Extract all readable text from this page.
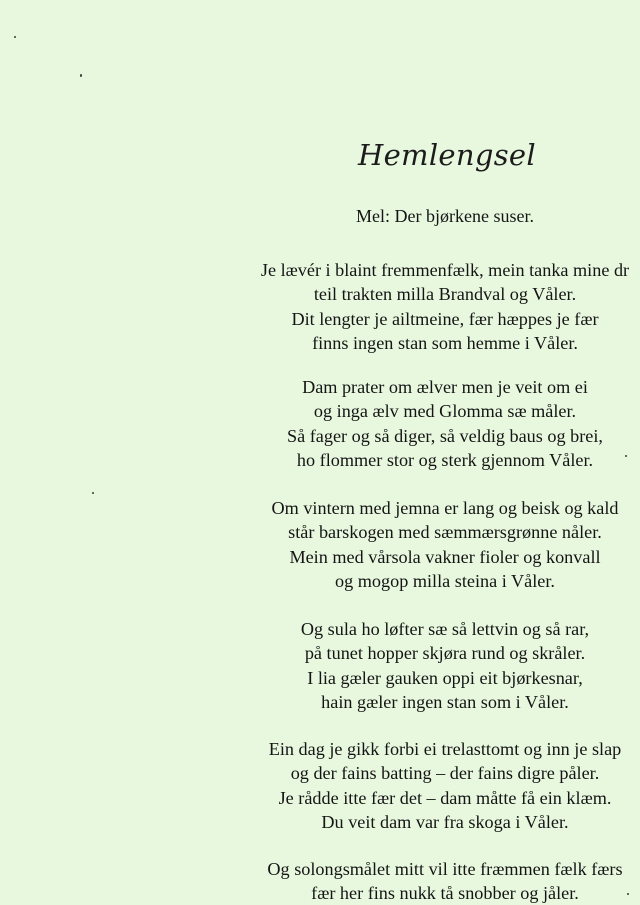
Hemlengsel
Mel: Der bjørkene suser.
Je lævér i blaint fremmenfælk, mein tanka mine dr
teil trakten milla Brandval og Våler.
Dit lengter je ailtmeine, fær hæppes je fær
finns ingen stan som hemme i Våler.
Dam prater om ælver men je veit om ei
og inga ælv med Glomma sæ måler.
Så fager og så diger, så veldig baus og brei,
ho flommer stor og sterk gjennom Våler.
Om vintern med jemna er lang og beisk og kald
står barskogen med sæmmærsgrønne nåler.
Mein med vårsola vakner fioler og konvall
og mogop milla steina i Våler.
Og sula ho løfter sæ så lettvin og så rar,
på tunet hopper skjøra rund og skråler.
I lia gæler gauken oppi eit bjørkesnar,
hain gæler ingen stan som i Våler.
Ein dag je gikk forbi ei trelasttomt og inn je slap
og der fains batting – der fains digre påler.
Je rådde itte fær det – dam måtte få ein klæm.
Du veit dam var fra skoga i Våler.
Og solongsmålet mitt vil itte fræmmen fælk færs
fær her fins nukk tå snobber og jåler.
